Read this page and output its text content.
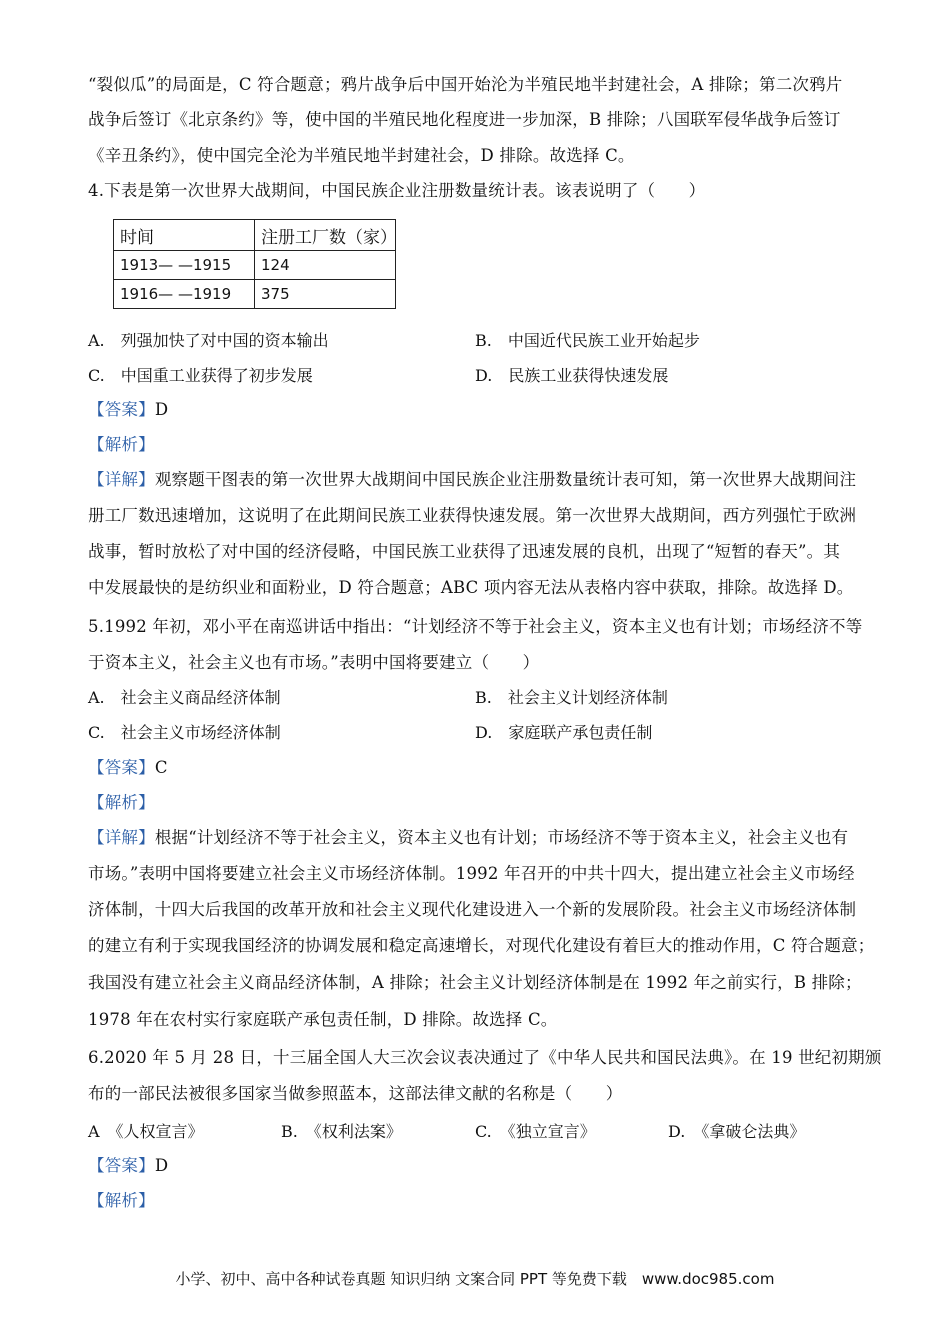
“裂似瓜”的局面是，C 符合题意；鸦片战争后中国开始沦为半殖民地半封建社会，A 排除；第二次鸦片
战争后签订《北京条约》等，使中国的半殖民地化程度进一步加深，B 排除；八国联军侵华战争后签订
《辛丑条约》，使中国完全沦为半殖民地半封建社会，D 排除。故选择 C。
4.下表是第一次世界大战期间，中国民族企业注册数量统计表。该表说明了（　　）
时间	注册工厂数（家）
1913— —1915	124
1916— —1919	375
A.　列强加快了对中国的资本输出	B.　中国近代民族工业开始起步
C.　中国重工业获得了初步发展	D.　民族工业获得快速发展
【答案】D
【解析】
【详解】观察题干图表的第一次世界大战期间中国民族企业注册数量统计表可知，第一次世界大战期间注
册工厂数迅速增加，这说明了在此期间民族工业获得快速发展。第一次世界大战期间，西方列强忙于欧洲
战事，暂时放松了对中国的经济侵略，中国民族工业获得了迅速发展的良机，出现了“短暂的春天”。其
中发展最快的是纺织业和面粉业，D 符合题意；ABC 项内容无法从表格内容中获取，排除。故选择 D。
5.1992 年初，邓小平在南巡讲话中指出：“计划经济不等于社会主义，资本主义也有计划；市场经济不等
于资本主义，社会主义也有市场。”表明中国将要建立（　　）
A.　社会主义商品经济体制	B.　社会主义计划经济体制
C.　社会主义市场经济体制	D.　家庭联产承包责任制
【答案】C
【解析】
【详解】根据“计划经济不等于社会主义，资本主义也有计划；市场经济不等于资本主义，社会主义也有
市场。”表明中国将要建立社会主义市场经济体制。1992 年召开的中共十四大，提出建立社会主义市场经
济体制，十四大后我国的改革开放和社会主义现代化建设进入一个新的发展阶段。社会主义市场经济体制
的建立有利于实现我国经济的协调发展和稳定高速增长，对现代化建设有着巨大的推动作用，C 符合题意；
我国没有建立社会主义商品经济体制，A 排除；社会主义计划经济体制是在 1992 年之前实行，B 排除；
1978 年在农村实行家庭联产承包责任制，D 排除。故选择 C。
6.2020 年 5 月 28 日，十三届全国人大三次会议表决通过了《中华人民共和国民法典》。在 19 世纪初期颁
布的一部民法被很多国家当做参照蓝本，这部法律文献的名称是（　　）
A　《人权宣言》	B.　《权利法案》	C.　《独立宣言》	D.　《拿破仑法典》
【答案】D
【解析】
小学、初中、高中各种试卷真题 知识归纳 文案合同 PPT 等免费下载　www.doc985.com
